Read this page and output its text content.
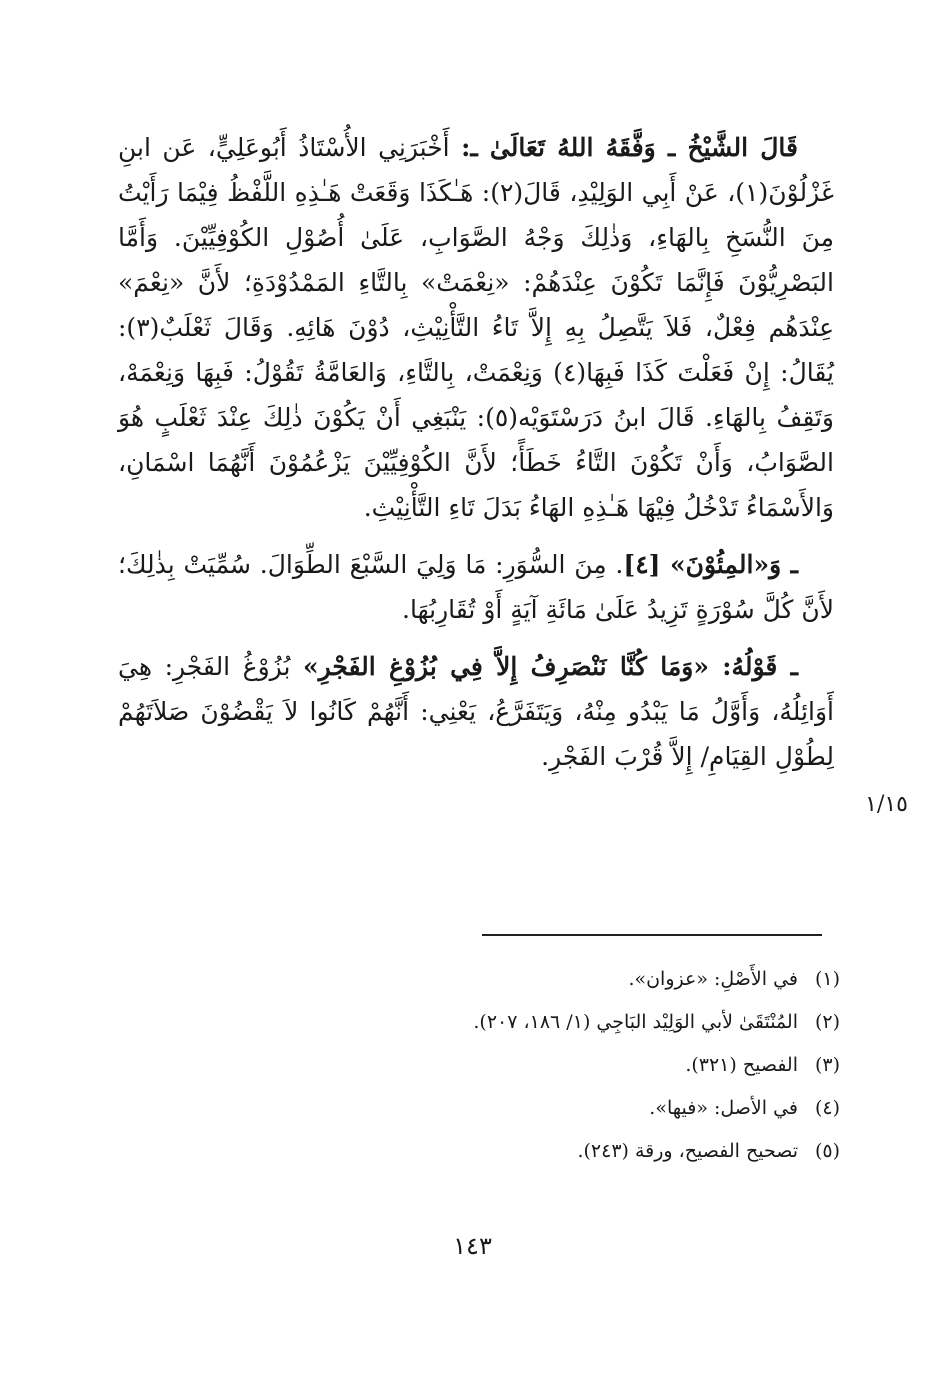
قَالَ الشَّيْخُ ـ وَفَّقَهُ اللهُ تَعَالَىٰ ـ: أَخْبَرَنِي الأُسْتَاذُ أَبُوعَلِيٍّ، عَن ابنِ غَزْلُوْنَ(١)، عَنْ أَبِي الوَلِيْدِ، قَالَ(٢): هَـٰكَذَا وَقَعَتْ هَـٰذِهِ اللَّفْظُ فِيْمَا رَأَيْتُ مِنَ النُّسَخِ بِالهَاءِ، وَذٰلِكَ وَجْهُ الصَّوَابِ، عَلَىٰ أُصُوْلِ الكُوْفِيِّيْنَ. وَأَمَّا البَصْرِيُّوْنَ فَإِنَّمَا تَكُوْنَ عِنْدَهُمْ: «نِعْمَتْ» بِالتَّاءِ المَمْدُوْدَةِ؛ لأَنَّ «نِعْمَ» عِنْدَهُم فِعْلٌ، فَلاَ يَتَّصِلُ بِهِ إِلاَّ تَاءُ التَّأْنِيْثِ، دُوْنَ هَائِهِ. وَقَالَ ثَعْلَبٌ(٣): يُقَالُ: إِنْ فَعَلْتَ كَذَا فَبِهَا(٤) وَنِعْمَتْ، بِالتَّاءِ، وَالعَامَّةُ تَقُوْلُ: فَبِهَا وَنِعْمَهْ، وَتَقِفُ بِالهَاءِ. قَالَ ابنُ دَرَسْتَوَيْه(٥): يَنْبَغِي أَنْ يَكُوْنَ ذٰلِكَ عِنْدَ ثَعْلَبٍ هُوَ الصَّوَابُ، وَأَنْ تَكُوْنَ التَّاءُ خَطَأً؛ لأَنَّ الكُوْفِيِّيْنَ يَزْعُمُوْنَ أَنَّهُمَا اسْمَانِ، وَالأَسْمَاءُ تَدْخُلُ فِيْهَا هَـٰذِهِ الهَاءُ بَدَلَ تَاءِ التَّأْنِيْثِ.

ـ وَ«المِئُوْنَ» [٤]. مِنَ السُّوَرِ: مَا وَلِيَ السَّبْعَ الطِّوَالَ. سُمِّيَتْ بِذٰلِكَ؛ لأَنَّ كُلَّ سُوْرَةٍ تَزِيدُ عَلَىٰ مَائَةِ آيَةٍ أَوْ تُقَارِبُهَا.

ـ قَوْلُهُ: «وَمَا كُنَّا نَنْصَرِفُ إِلاَّ فِي بُزُوْغِ الفَجْرِ» بُزُوْغُ الفَجْرِ: هِيَ أَوَائِلُهُ، وَأَوَّلُ مَا يَبْدُو مِنْهُ، وَيَتَفَرَّعُ، يَعْنِي: أَنَّهُمْ كَانُوا لاَ يَقْضُوْنَ صَلاَتَهُمْ لِطُوْلِ القِيَامِ/ إِلاَّ قُرْبَ الفَجْرِ.

١/١٥
(١)في الأَصْلِ: «عزوان».
(٢)المُنْتَقَىٰ لأبي الوَلِيْد البَاجِي (١/ ١٨٦، ٢٠٧).
(٣)الفصيح (٣٢١).
(٤)في الأصل: «فيها».
(٥)تصحيح الفصيح، ورقة (٢٤٣).
١٤٣
